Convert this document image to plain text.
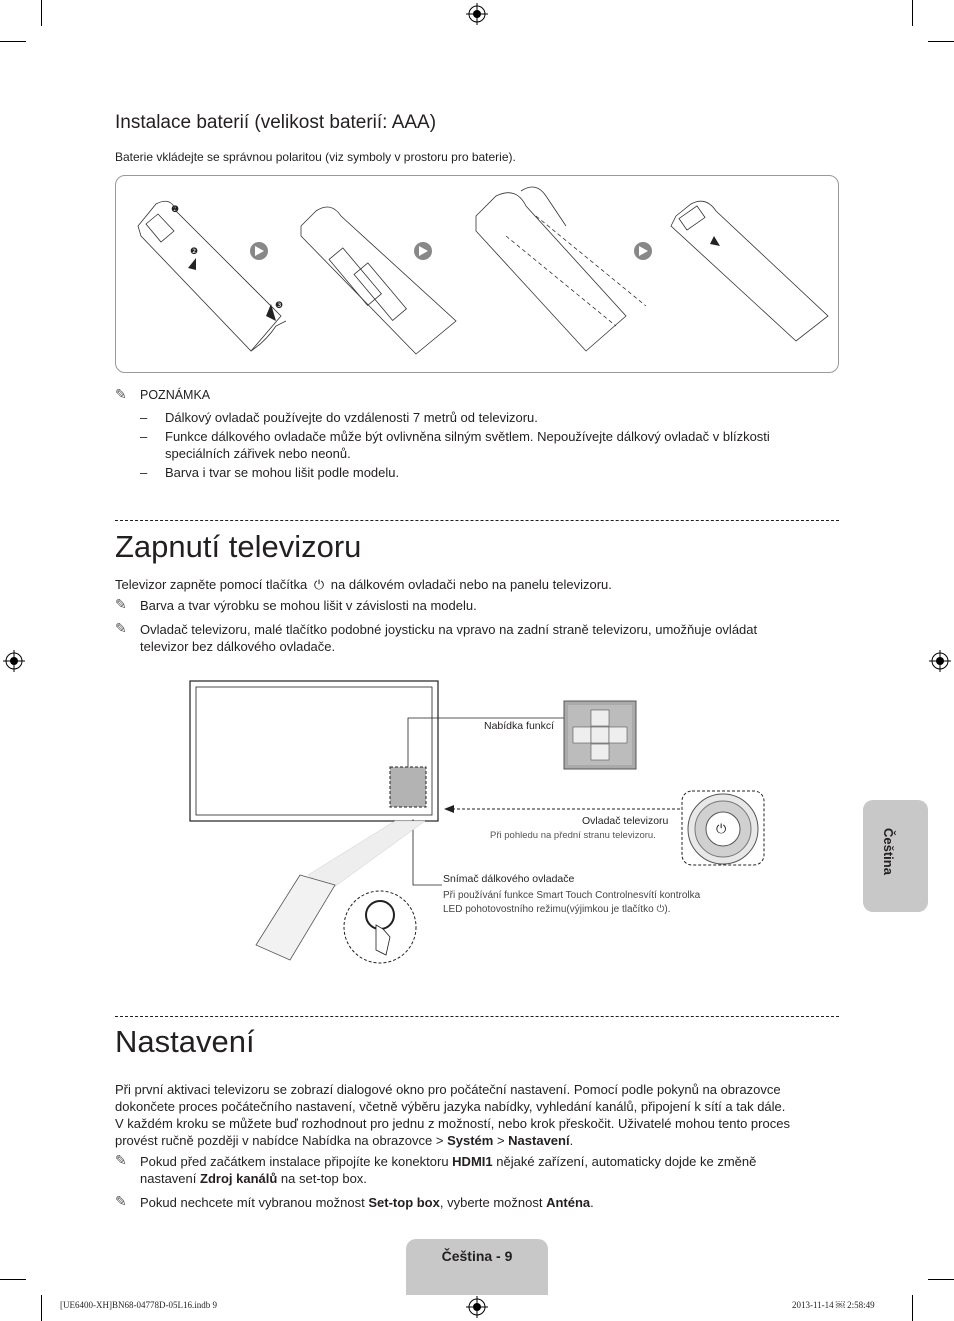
Instalace baterií (velikost baterií: AAA)
Baterie vkládejte se správnou polaritou (viz symboly v prostoru pro baterie).
❶
❷
❸
✎ POZNÁMKA
– Dálkový ovladač používejte do vzdálenosti 7 metrů od televizoru.
– Funkce dálkového ovladače může být ovlivněna silným světlem. Nepoužívejte dálkový ovladač v blízkosti
speciálních zářivek nebo neonů.
– Barva i tvar se mohou lišit podle modelu.
Zapnutí televizoru
Televizor zapněte pomocí tlačítka ⏻ na dálkovém ovladači nebo na panelu televizoru.
✎ Barva a tvar výrobku se mohou lišit v závislosti na modelu.
✎ Ovladač televizoru, malé tlačítko podobné joysticku na vpravo na zadní straně televizoru, umožňuje ovládat
televizor bez dálkového ovladače.
Nabídka funkcí
Ovladač televizoru
Při pohledu na přední stranu televizoru.
Snímač dálkového ovladače
Při používání funkce Smart Touch Controlnesvítí kontrolka
LED pohotovostního režimu(výjimkou je tlačítko ⏻).
⏻
Nastavení
Při první aktivaci televizoru se zobrazí dialogové okno pro počáteční nastavení. Pomocí podle pokynů na obrazovce
dokončete proces počátečního nastavení, včetně výběru jazyka nabídky, vyhledání kanálů, připojení k sítí a tak dále.
V každém kroku se můžete buď rozhodnout pro jednu z možností, nebo krok přeskočit. Uživatelé mohou tento proces
provést ručně později v nabídce Nabídka na obrazovce > Systém > Nastavení.
✎ Pokud před začátkem instalace připojíte ke konektoru HDMI1 nějaké zařízení, automaticky dojde ke změně
nastavení Zdroj kanálů na set-top box.
✎ Pokud nechcete mít vybranou možnost Set-top box, vyberte možnost Anténa.
Čeština
Čeština - 9
[UE6400-XH]BN68-04778D-05L16.indb 9	2013-11-14 ￼ 2:58:49
